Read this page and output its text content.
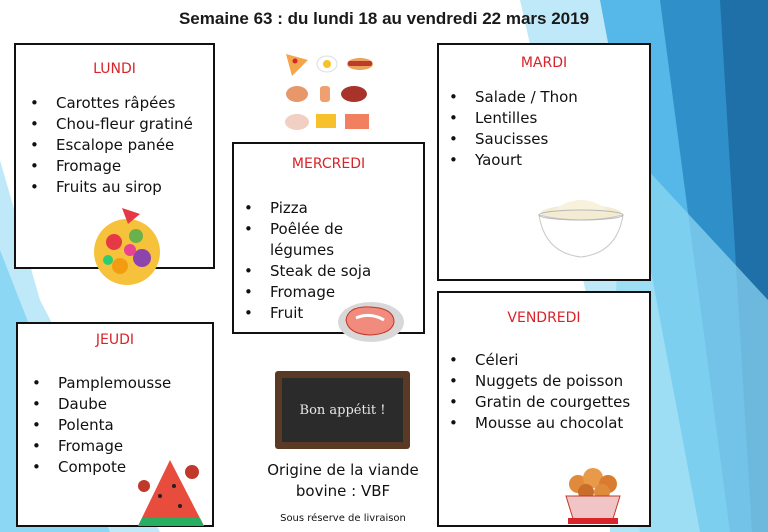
Semaine 63 : du lundi 18 au vendredi 22 mars 2019
LUNDI
• Carottes râpées
• Chou-fleur gratiné
• Escalope panée
• Fromage
• Fruits au sirop
MARDI
• Salade / Thon
• Lentilles
• Saucisses
• Yaourt
MERCREDI
• Pizza
• Poêlée de légumes
• Steak de soja
• Fromage
• Fruit
JEUDI
• Pamplemousse
• Daube
• Polenta
• Fromage
• Compote
VENDREDI
• Céleri
• Nuggets de poisson
• Gratin de courgettes
• Mousse au chocolat
Bon appétit !
Origine de la viande bovine : VBF
Sous réserve de livraison
